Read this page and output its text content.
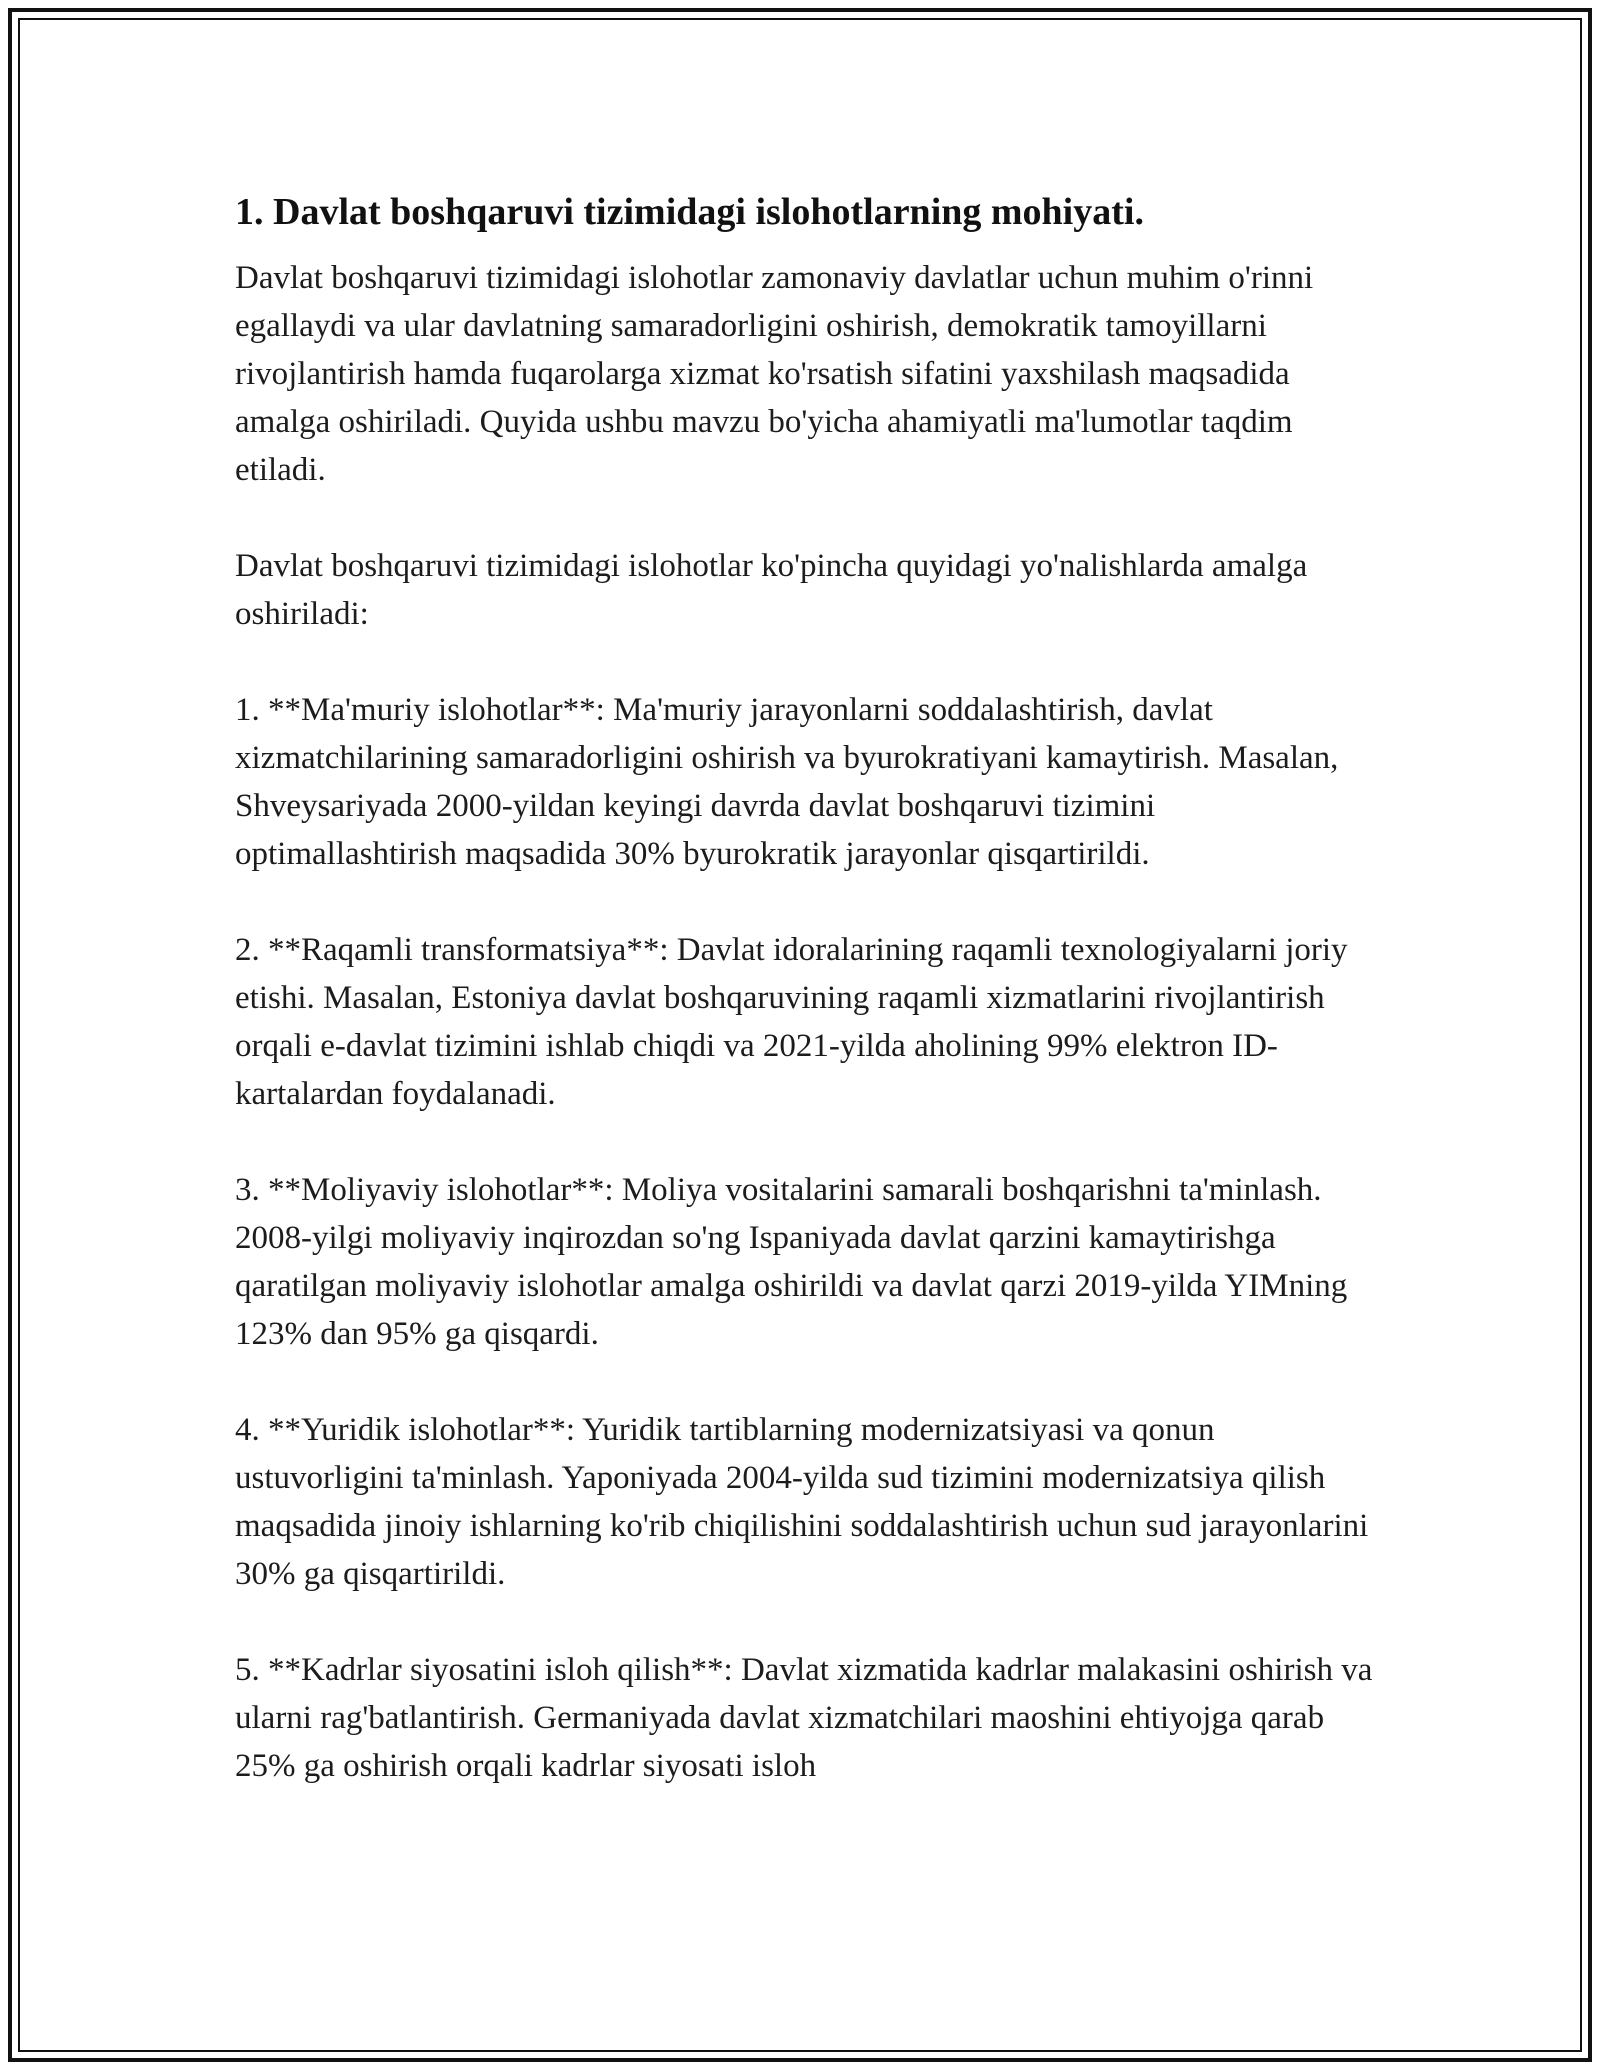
1. Davlat boshqaruvi tizimidagi islohotlarning mohiyati.

Davlat boshqaruvi tizimidagi islohotlar zamonaviy davlatlar uchun muhim o'rinni egallaydi va ular davlatning samaradorligini oshirish, demokratik tamoyillarni rivojlantirish hamda fuqarolarga xizmat ko'rsatish sifatini yaxshilash maqsadida amalga oshiriladi. Quyida ushbu mavzu bo'yicha ahamiyatli ma'lumotlar taqdim etiladi.

Davlat boshqaruvi tizimidagi islohotlar ko'pincha quyidagi yo'nalishlarda amalga oshiriladi:

1. **Ma'muriy islohotlar**: Ma'muriy jarayonlarni soddalashtirish, davlat xizmatchilarining samaradorligini oshirish va byurokratiyani kamaytirish. Masalan, Shveysariyada 2000-yildan keyingi davrda davlat boshqaruvi tizimini optimallashtirish maqsadida 30% byurokratik jarayonlar qisqartirildi.

2. **Raqamli transformatsiya**: Davlat idoralarining raqamli texnologiyalarni joriy etishi. Masalan, Estoniya davlat boshqaruvining raqamli xizmatlarini rivojlantirish orqali e-davlat tizimini ishlab chiqdi va 2021-yilda aholining 99% elektron ID-kartalardan foydalanadi.

3. **Moliyaviy islohotlar**: Moliya vositalarini samarali boshqarishni ta'minlash. 2008-yilgi moliyaviy inqirozdan so'ng Ispaniyada davlat qarzini kamaytirishga qaratilgan moliyaviy islohotlar amalga oshirildi va davlat qarzi 2019-yilda YIMning 123% dan 95% ga qisqardi.

4. **Yuridik islohotlar**: Yuridik tartiblarning modernizatsiyasi va qonun ustuvorligini ta'minlash. Yaponiyada 2004-yilda sud tizimini modernizatsiya qilish maqsadida jinoiy ishlarning ko'rib chiqilishini soddalashtirish uchun sud jarayonlarini 30% ga qisqartirildi.

5. **Kadrlar siyosatini isloh qilish**: Davlat xizmatida kadrlar malakasini oshirish va ularni rag'batlantirish. Germaniyada davlat xizmatchilari maoshini ehtiyojga qarab 25% ga oshirish orqali kadrlar siyosati isloh
